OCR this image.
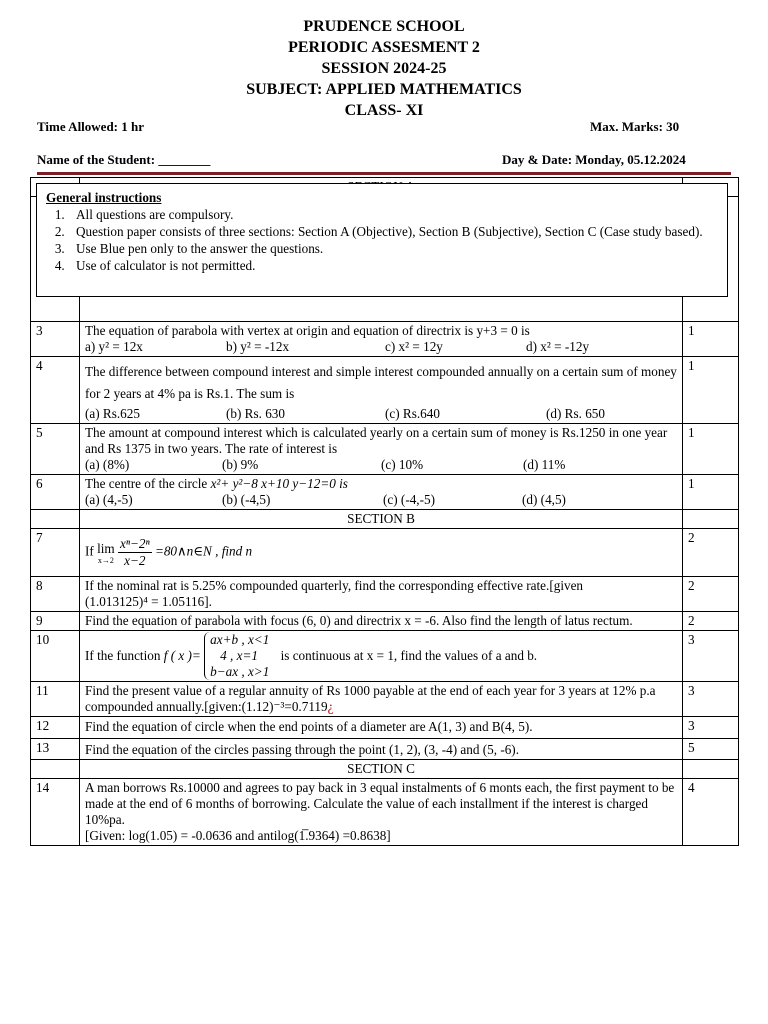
PRUDENCE SCHOOL
PERIODIC ASSESMENT 2
SESSION 2024-25
SUBJECT: APPLIED MATHEMATICS
CLASS- XI
Time Allowed: 1 hr	Max. Marks: 30
Name of the Student: ________	Day & Date: Monday, 05.12.2024

3	The equation of parabola with vertex at origin and equation of directrix is y+3 = 0 is
a) y² = 12x b) y² = -12x c) x² = 12y d) x² = -12y	1
4	The difference between compound interest and simple interest compounded annually on a certain sum of money for 2 years at 4% pa is Rs.1. The sum is
(a) Rs.625 (b) Rs. 630 (c) Rs.640 (d) Rs. 650	1
5	The amount at compound interest which is calculated yearly on a certain sum of money is Rs.1250 in one year and Rs 1375 in two years. The rate of interest is
(a) (8%) (b) 9% (c) 10% (d) 11%	1
6	The centre of the circle x²+ y²−8 x+10 y−12=0 is
(a) (4,-5) (b) (-4,5) (c) (-4,-5) (d) (4,5)	1
	SECTION B	
7	If lim
x→2
$\frac{\text{xⁿ−2ⁿ}}{x-2}$ =80∧n∈N , find n	2
8	If the nominal rat is 5.25% compounded quarterly, find the corresponding effective rate.[given
(1.013125)⁴ = 1.05116].	2
9	Find the equation of parabola with focus (6, 0) and directrix x = -6. Also find the length of latus rectum.	2
10	If the function f ( x )=
ax+b , x<1
4 , x=1
b−ax , x>1
is continuous at x = 1, find the values of a and b.	3
11	Find the present value of a regular annuity of Rs 1000 payable at the end of each year for 3 years at 12% p.a compounded annually.[given:(1.12)⁻³=0.7119¿	3
12	Find the equation of circle when the end points of a diameter are A(1, 3) and B(4, 5).	3
13	Find the equation of the circles passing through the point (1, 2), (3, -4) and (5, -6).	5
	SECTION C	
14	A man borrows Rs.10000 and agrees to pay back in 3 equal instalments of 6 monts each, the first payment to be made at the end of 6 months of borrowing. Calculate the value of each installment if the interest is charged 10%pa.
[Given: log(1.05) = -0.0636 and antilog(1̅.9364) =0.8638]	4
General instructions
1. All questions are compulsory.
2. Question paper consists of three sections: Section A (Objective), Section B (Subjective), Section C (Case study based).
3. Use Blue pen only to the answer the questions.
4. Use of calculator is not permitted.
